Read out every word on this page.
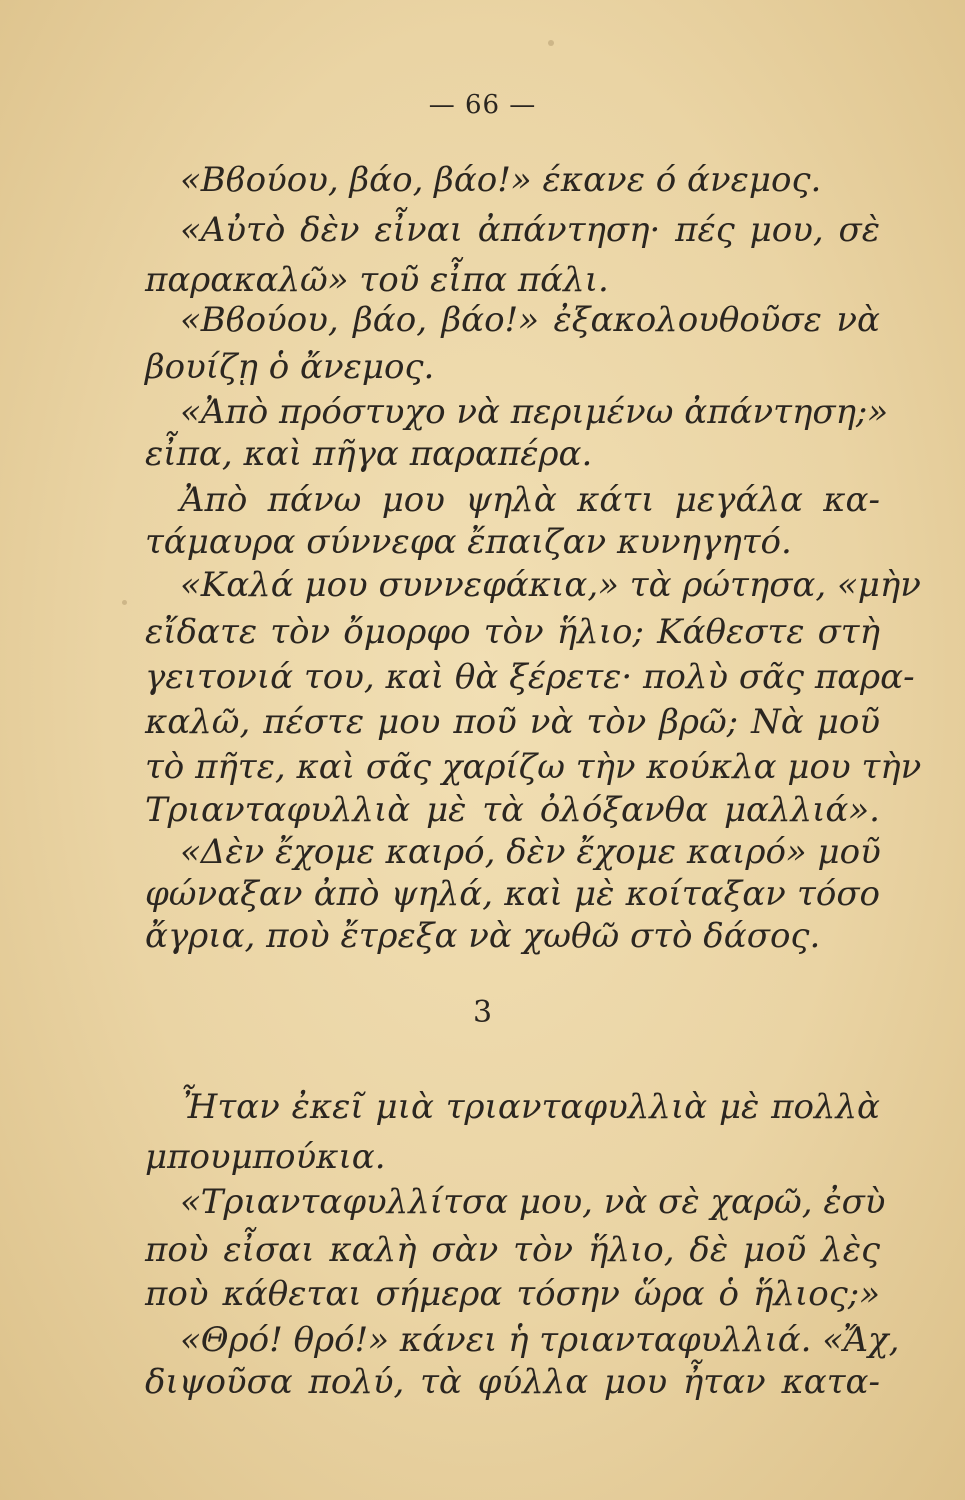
— 66 —
«Βϐούου, βάο, βάο!» έκανε ό άνεμος.
«Αὐτὸ δὲν εἶναι ἀπάντηση· πές μου, σὲ
παρακαλῶ» τοῦ εἶπα πάλι.
«Βϐούου, βάο, βάο!» ἐξακολουθοῦσε νὰ
βουίζῃ ὁ ἄνεμος.
«Ἀπὸ πρόστυχο νὰ περιμένω ἀπάντηση;»
εἶπα, καὶ πῆγα παραπέρα.
Ἀπὸ πάνω μου ψηλὰ κάτι μεγάλα κα-
τάμαυρα σύννεφα ἔπαιζαν κυνηγητό.
«Καλά μου συννεφάκια,» τὰ ρώτησα, «μὴν
εἴδατε τὸν ὄμορφο τὸν ἥλιο; Κάθεστε στὴ
γειτονιά του, καὶ θὰ ξέρετε· πολὺ σᾶς παρα-
καλῶ, πέστε μου ποῦ νὰ τὸν βρῶ; Νὰ μοῦ
τὸ πῆτε, καὶ σᾶς χαρίζω τὴν κούκλα μου τὴν
Τριανταφυλλιὰ μὲ τὰ ὀλόξανθα μαλλιά».
«Δὲν ἔχομε καιρό, δὲν ἔχομε καιρό» μοῦ
φώναξαν ἀπὸ ψηλά, καὶ μὲ κοίταξαν τόσο
ἄγρια, ποὺ ἔτρεξα νὰ χωθῶ στὸ δάσος.
3
Ἦταν ἐκεῖ μιὰ τριανταφυλλιὰ μὲ πολλὰ
μπουμπούκια.
«Τριανταφυλλίτσα μου, νὰ σὲ χαρῶ, ἐσὺ
ποὺ εἶσαι καλὴ σὰν τὸν ἥλιο, δὲ μοῦ λὲς
ποὺ κάθεται σήμερα τόσην ὥρα ὁ ἥλιος;»
«Θρό! θρό!» κάνει ἡ τριανταφυλλιά. «Ἄχ,
διψοῦσα πολύ, τὰ φύλλα μου ἦταν κατα-
